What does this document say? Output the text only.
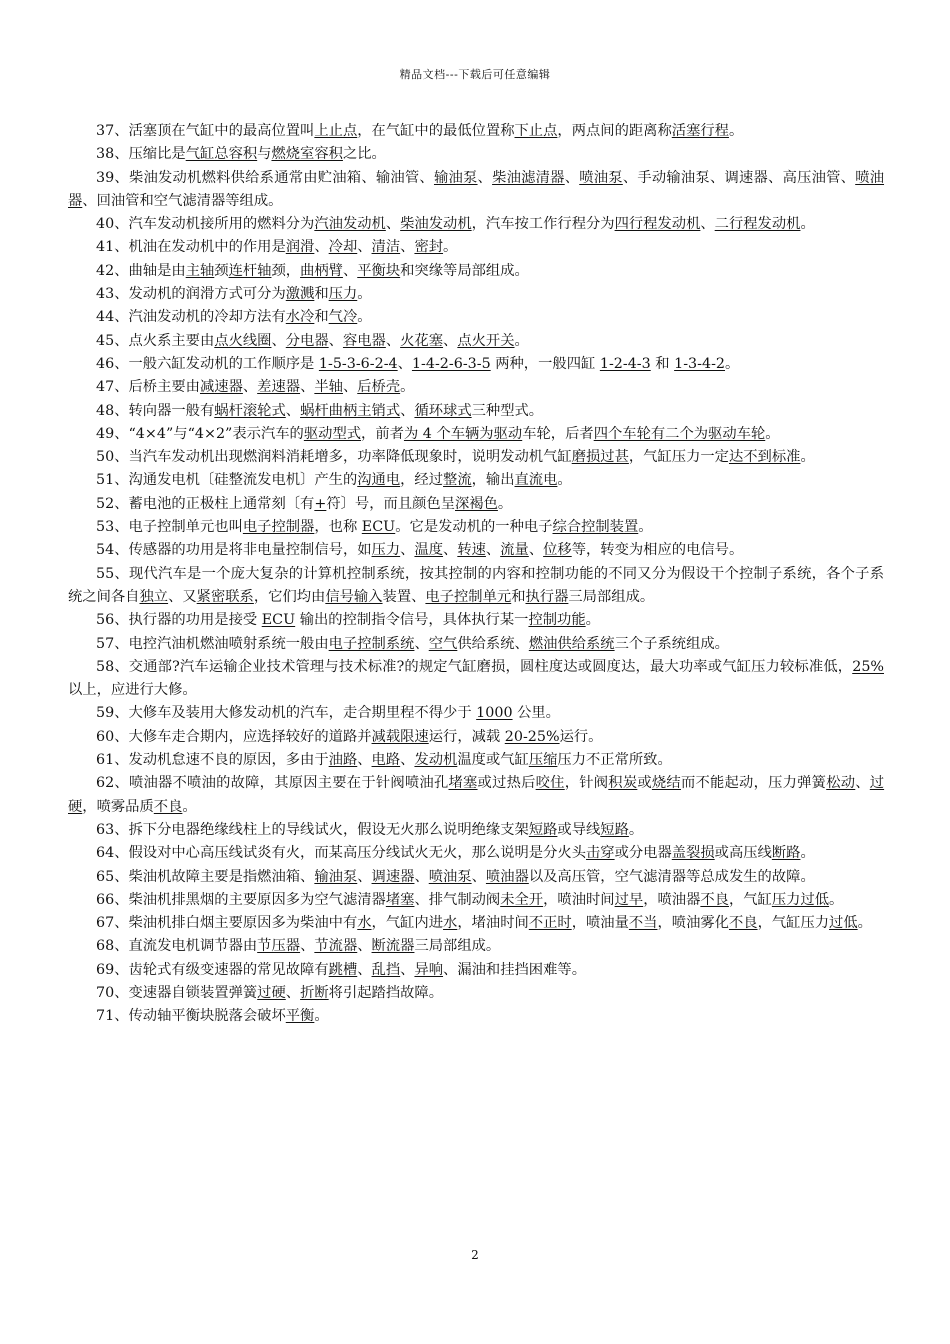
精品文档---下载后可任意编辑

37、活塞顶在气缸中的最高位置叫上止点，在气缸中的最低位置称下止点，两点间的距离称活塞行程。

38、压缩比是气缸总容积与燃烧室容积之比。

39、柴油发动机燃料供给系通常由贮油箱、输油管、输油泵、柴油滤清器、喷油泵、手动输油泵、调速器、高压油管、喷油器、回油管和空气滤清器等组成。

40、汽车发动机接所用的燃料分为汽油发动机、柴油发动机，汽车按工作行程分为四行程发动机、二行程发动机。

41、机油在发动机中的作用是润滑、冷却、清洁、密封。

42、曲轴是由主轴颈连杆轴颈，曲柄臂、平衡块和突缘等局部组成。

43、发动机的润滑方式可分为激溅和压力。

44、汽油发动机的冷却方法有水冷和气冷。

45、点火系主要由点火线圈、分电器、容电器、火花塞、点火开关。

46、一般六缸发动机的工作顺序是 1-5-3-6-2-4、1-4-2-6-3-5 两种，一般四缸 1-2-4-3 和 1-3-4-2。

47、后桥主要由减速器、差速器、半轴、后桥壳。

48、转向器一般有蜗杆滚轮式、蜗杆曲柄主销式、循环球式三种型式。

49、“4×4”与“4×2”表示汽车的驱动型式，前者为 4 个车辆为驱动车轮，后者四个车轮有二个为驱动车轮。

50、当汽车发动机出现燃润料消耗增多，功率降低现象时，说明发动机气缸磨损过甚，气缸压力一定达不到标准。

51、沟通发电机〔硅整流发电机〕产生的沟通电，经过整流，输出直流电。

52、蓄电池的正极柱上通常刻〔有+符〕号，而且颜色呈深褐色。

53、电子控制单元也叫电子控制器，也称 ECU。它是发动机的一种电子综合控制装置。

54、传感器的功用是将非电量控制信号，如压力、温度、转速、流量、位移等，转变为相应的电信号。

55、现代汽车是一个庞大复杂的计算机控制系统，按其控制的内容和控制功能的不同又分为假设干个控制子系统，各个子系统之间各自独立、又紧密联系，它们均由信号输入装置、电子控制单元和执行器三局部组成。

56、执行器的功用是接受 ECU 输出的控制指令信号，具体执行某一控制功能。

57、电控汽油机燃油喷射系统一般由电子控制系统、空气供给系统、燃油供给系统三个子系统组成。

58、交通部?汽车运输企业技术管理与技术标准?的规定气缸磨损，圆柱度达或圆度达，最大功率或气缸压力较标准低，25%以上，应进行大修。

59、大修车及装用大修发动机的汽车，走合期里程不得少于 1000 公里。

60、大修车走合期内，应选择较好的道路并减载限速运行，减载 20-25%运行。

61、发动机怠速不良的原因，多由于油路、电路、发动机温度或气缸压缩压力不正常所致。

62、喷油器不喷油的故障，其原因主要在于针阀喷油孔堵塞或过热后咬住，针阀积炭或烧结而不能起动，压力弹簧松动、过硬，喷雾品质不良。

63、拆下分电器绝缘线柱上的导线试火，假设无火那么说明绝缘支架短路或导线短路。

64、假设对中心高压线试炎有火，而某高压分线试火无火，那么说明是分火头击穿或分电器盖裂损或高压线断路。

65、柴油机故障主要是指燃油箱、输油泵、调速器、喷油泵、喷油器以及高压管，空气滤清器等总成发生的故障。

66、柴油机排黑烟的主要原因多为空气滤清器堵塞、排气制动阀未全开，喷油时间过早，喷油器不良，气缸压力过低。

67、柴油机排白烟主要原因多为柴油中有水，气缸内进水，堵油时间不正时，喷油量不当，喷油雾化不良，气缸压力过低。

68、直流发电机调节器由节压器、节流器、断流器三局部组成。

69、齿轮式有级变速器的常见故障有跳槽、乱挡、异响、漏油和挂挡困难等。

70、变速器自锁装置弹簧过硬、折断将引起踏挡故障。

71、传动轴平衡块脱落会破坏平衡。

2
